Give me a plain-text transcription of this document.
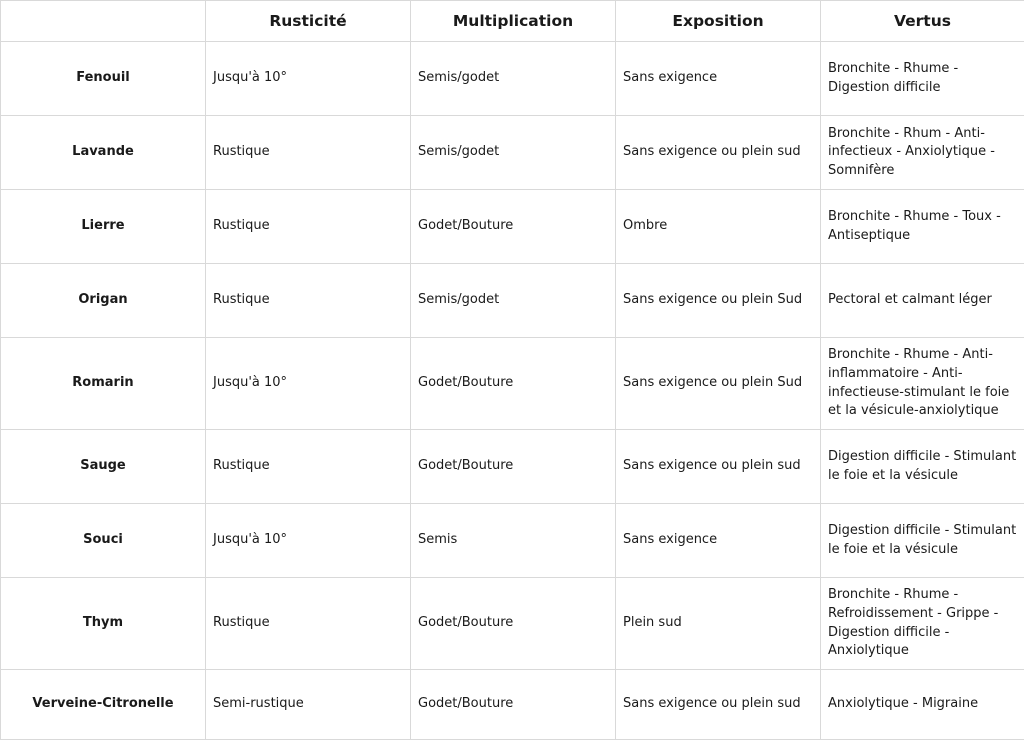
	Rusticité	Multiplication	Exposition	Vertus
Fenouil	Jusqu'à 10°	Semis/godet	Sans exigence	Bronchite - Rhume - Digestion difficile
Lavande	Rustique	Semis/godet	Sans exigence ou plein sud	Bronchite - Rhum - Anti-infectieux - Anxiolytique - Somnifère
Lierre	Rustique	Godet/Bouture	Ombre	Bronchite - Rhume - Toux - Antiseptique
Origan	Rustique	Semis/godet	Sans exigence ou plein Sud	Pectoral et calmant léger
Romarin	Jusqu'à 10°	Godet/Bouture	Sans exigence ou plein Sud	Bronchite - Rhume - Anti-inflammatoire - Anti-infectieuse-stimulant le foie et la vésicule-anxiolytique
Sauge	Rustique	Godet/Bouture	Sans exigence ou plein sud	Digestion difficile - Stimulant le foie et la vésicule
Souci	Jusqu'à 10°	Semis	Sans exigence	Digestion difficile - Stimulant le foie et la vésicule
Thym	Rustique	Godet/Bouture	Plein sud	Bronchite - Rhume - Refroidissement - Grippe - Digestion difficile - Anxiolytique
Verveine-Citronelle	Semi-rustique	Godet/Bouture	Sans exigence ou plein sud	Anxiolytique - Migraine
